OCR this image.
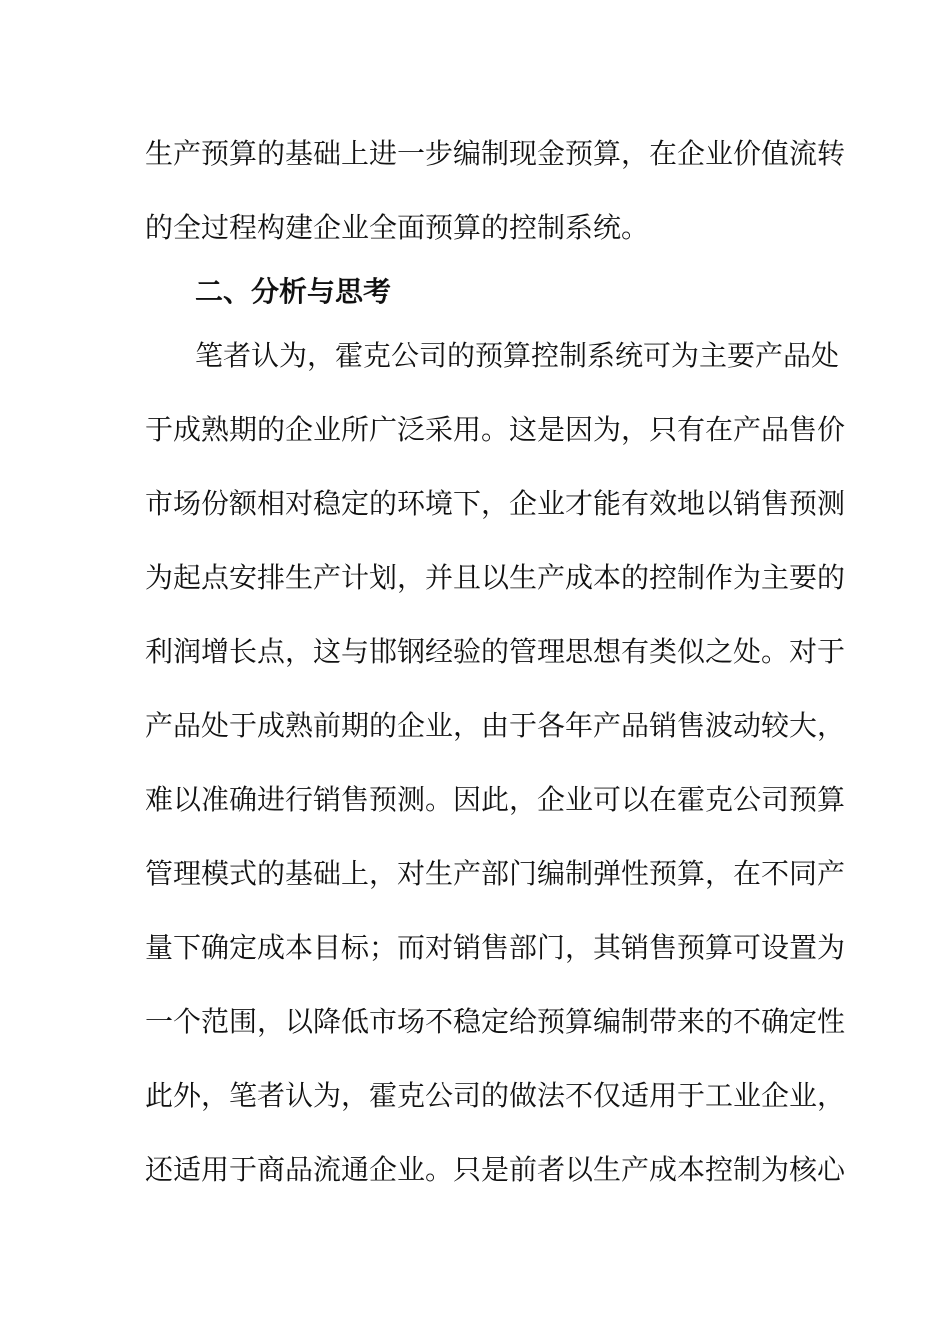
生产预算的基础上进一步编制现金预算，在企业价值流转
的全过程构建企业全面预算的控制系统。
二、分析与思考
笔者认为，霍克公司的预算控制系统可为主要产品处
于成熟期的企业所广泛采用。这是因为，只有在产品售价
市场份额相对稳定的环境下，企业才能有效地以销售预测
为起点安排生产计划，并且以生产成本的控制作为主要的
利润增长点，这与邯钢经验的管理思想有类似之处。对于
产品处于成熟前期的企业，由于各年产品销售波动较大，
难以准确进行销售预测。因此，企业可以在霍克公司预算
管理模式的基础上，对生产部门编制弹性预算，在不同产
量下确定成本目标；而对销售部门，其销售预算可设置为
一个范围，以降低市场不稳定给预算编制带来的不确定性
此外，笔者认为，霍克公司的做法不仅适用于工业企业，
还适用于商品流通企业。只是前者以生产成本控制为核心
